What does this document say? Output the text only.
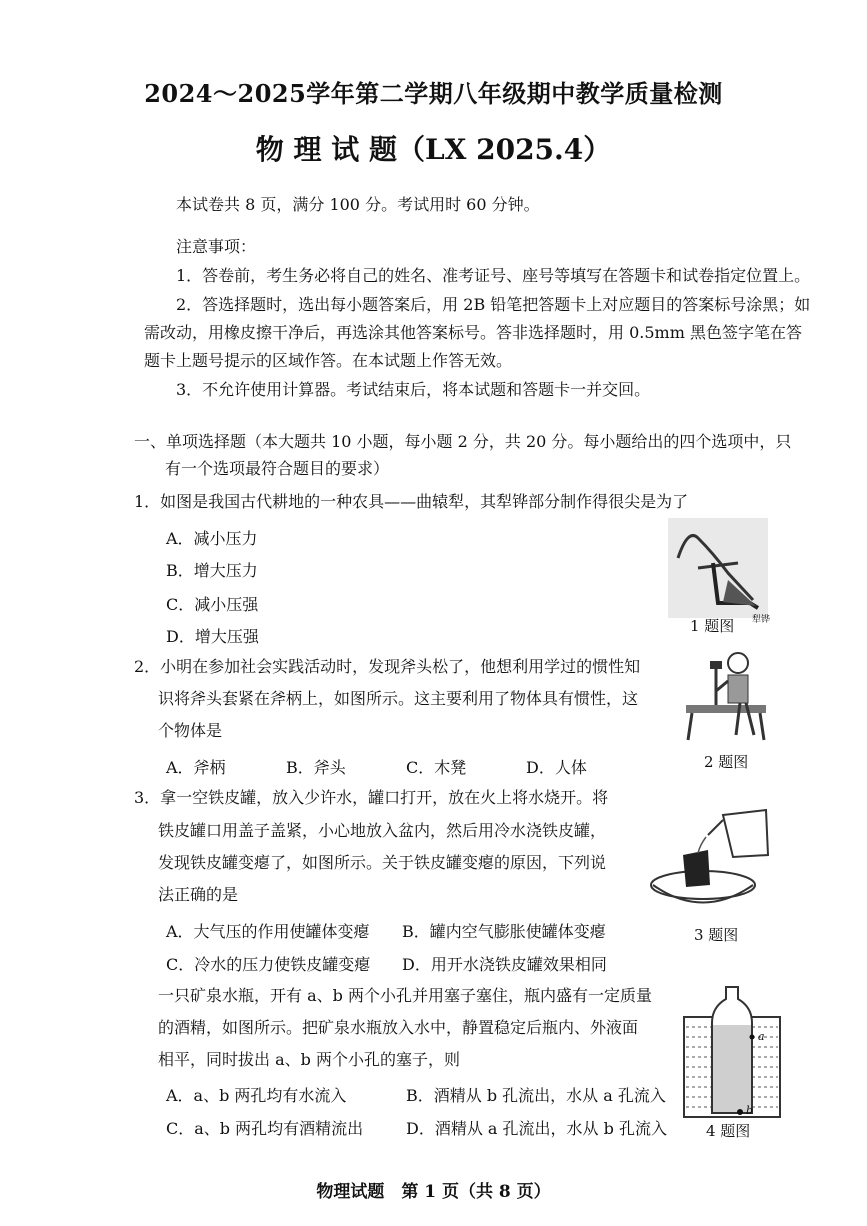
2024～2025学年第二学期八年级期中教学质量检测
物 理 试 题（LX 2025.4）
本试卷共 8 页，满分 100 分。考试用时 60 分钟。
注意事项：
1．答卷前，考生务必将自己的姓名、准考证号、座号等填写在答题卡和试卷指定位置上。
2．答选择题时，选出每小题答案后，用 2B 铅笔把答题卡上对应题目的答案标号涂黑；如
需改动，用橡皮擦干净后，再选涂其他答案标号。答非选择题时，用 0.5mm 黑色签字笔在答
题卡上题号提示的区域作答。在本试题上作答无效。
3．不允许使用计算器。考试结束后，将本试题和答题卡一并交回。
一、单项选择题（本大题共 10 小题，每小题 2 分，共 20 分。每小题给出的四个选项中，只
有一个选项最符合题目的要求）
1．如图是我国古代耕地的一种农具——曲辕犁，其犁铧部分制作得很尖是为了
A．减小压力
B．增大压力
C．减小压强
D．增大压强
犁铧
1 题图
2．小明在参加社会实践活动时，发现斧头松了，他想利用学过的惯性知
识将斧头套紧在斧柄上，如图所示。这主要利用了物体具有惯性，这
个物体是
A．斧柄	B．斧头	C．木凳	D．人体	2 题图
3．拿一空铁皮罐，放入少许水，罐口打开，放在火上将水烧开。将
铁皮罐口用盖子盖紧，小心地放入盆内，然后用冷水浇铁皮罐，
发现铁皮罐变瘪了，如图所示。关于铁皮罐变瘪的原因，下列说
法正确的是
A．大气压的作用使罐体变瘪 B．罐内空气膨胀使罐体变瘪
C．冷水的压力使铁皮罐变瘪 D．用开水浇铁皮罐效果相同
3 题图
一只矿泉水瓶，开有 a、b 两个小孔并用塞子塞住，瓶内盛有一定质量
的酒精，如图所示。把矿泉水瓶放入水中，静置稳定后瓶内、外液面
相平，同时拔出 a、b 两个小孔的塞子，则
A．a、b 两孔均有水流入	B．酒精从 b 孔流出，水从 a 孔流入
C．a、b 两孔均有酒精流出	D．酒精从 a 孔流出，水从 b 孔流入
a
b
4 题图
物理试题　第 1 页（共 8 页）
